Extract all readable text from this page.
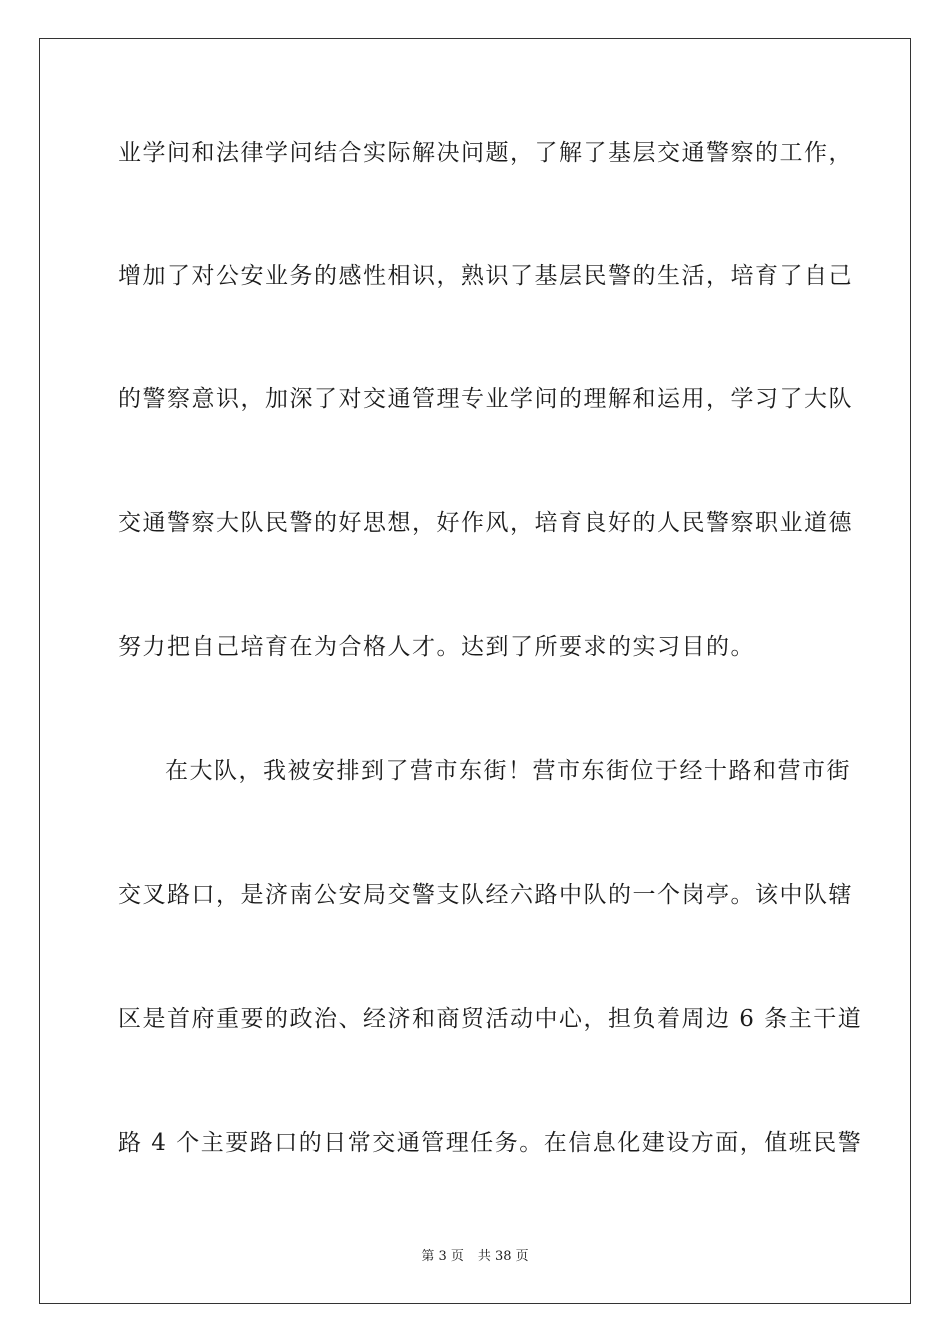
业学问和法律学问结合实际解决问题，了解了基层交通警察的工作，
增加了对公安业务的感性相识，熟识了基层民警的生活，培育了自己
的警察意识，加深了对交通管理专业学问的理解和运用，学习了大队
交通警察大队民警的好思想，好作风，培育良好的人民警察职业道德
努力把自己培育在为合格人才。达到了所要求的实习目的。
在大队，我被安排到了营市东街！营市东街位于经十路和营市街
交叉路口，是济南公安局交警支队经六路中队的一个岗亭。该中队辖
区是首府重要的政治、经济和商贸活动中心，担负着周边 6 条主干道
路 4 个主要路口的日常交通管理任务。在信息化建设方面，值班民警
第 3 页 共 38 页
